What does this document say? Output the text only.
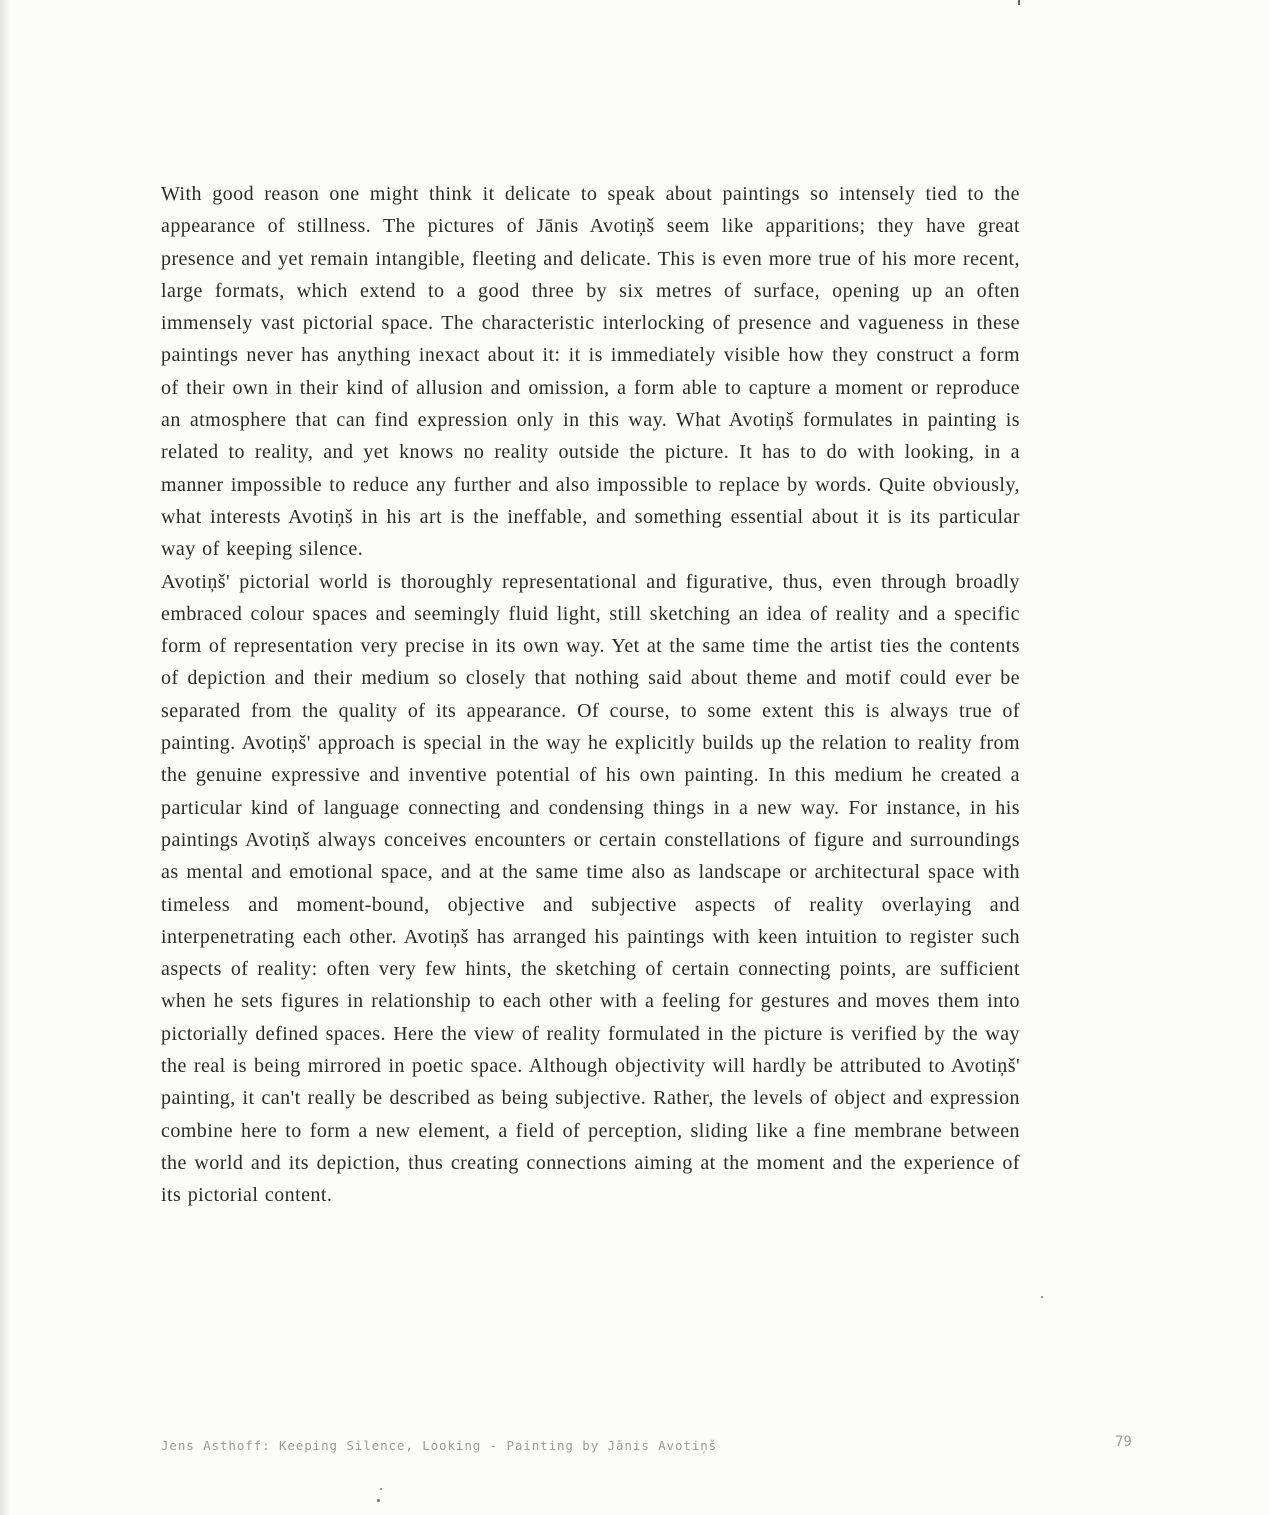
With good reason one might think it delicate to speak about paintings so intensely tied to the appearance of stillness. The pictures of Jānis Avotiņš seem like apparitions; they have great presence and yet remain intangible, fleeting and delicate. This is even more true of his more recent, large formats, which extend to a good three by six metres of surface, opening up an often immensely vast pictorial space. The characteristic interlocking of presence and vagueness in these paintings never has anything inexact about it: it is immediately visible how they construct a form of their own in their kind of allusion and omission, a form able to capture a moment or reproduce an atmosphere that can find expression only in this way. What Avotiņš formulates in painting is related to reality, and yet knows no reality outside the picture. It has to do with looking, in a manner impossible to reduce any further and also impossible to replace by words. Quite obviously, what interests Avotiņš in his art is the ineffable, and something essential about it is its particular way of keeping silence.

Avotiņš' pictorial world is thoroughly representational and figurative, thus, even through broadly embraced colour spaces and seemingly fluid light, still sketching an idea of reality and a specific form of representation very precise in its own way. Yet at the same time the artist ties the contents of depiction and their medium so closely that nothing said about theme and motif could ever be separated from the quality of its appearance. Of course, to some extent this is always true of painting. Avotiņš' approach is special in the way he explicitly builds up the relation to reality from the genuine expressive and inventive potential of his own painting. In this medium he created a particular kind of language connecting and condensing things in a new way. For instance, in his paintings Avotiņš always conceives encounters or certain constellations of figure and surroundings as mental and emotional space, and at the same time also as landscape or architectural space with timeless and moment-bound, objective and subjective aspects of reality overlaying and interpenetrating each other. Avotiņš has arranged his paintings with keen intuition to register such aspects of reality: often very few hints, the sketching of certain connecting points, are sufficient when he sets figures in relationship to each other with a feeling for gestures and moves them into pictorially defined spaces. Here the view of reality formulated in the picture is verified by the way the real is being mirrored in poetic space. Although objectivity will hardly be attributed to Avotiņš' painting, it can't really be described as being subjective. Rather, the levels of object and expression combine here to form a new element, a field of perception, sliding like a fine membrane between the world and its depiction, thus creating connections aiming at the moment and the experience of its pictorial content.

Jens Asthoff: Keeping Silence, Looking - Painting by Jānis Avotiņš	79
